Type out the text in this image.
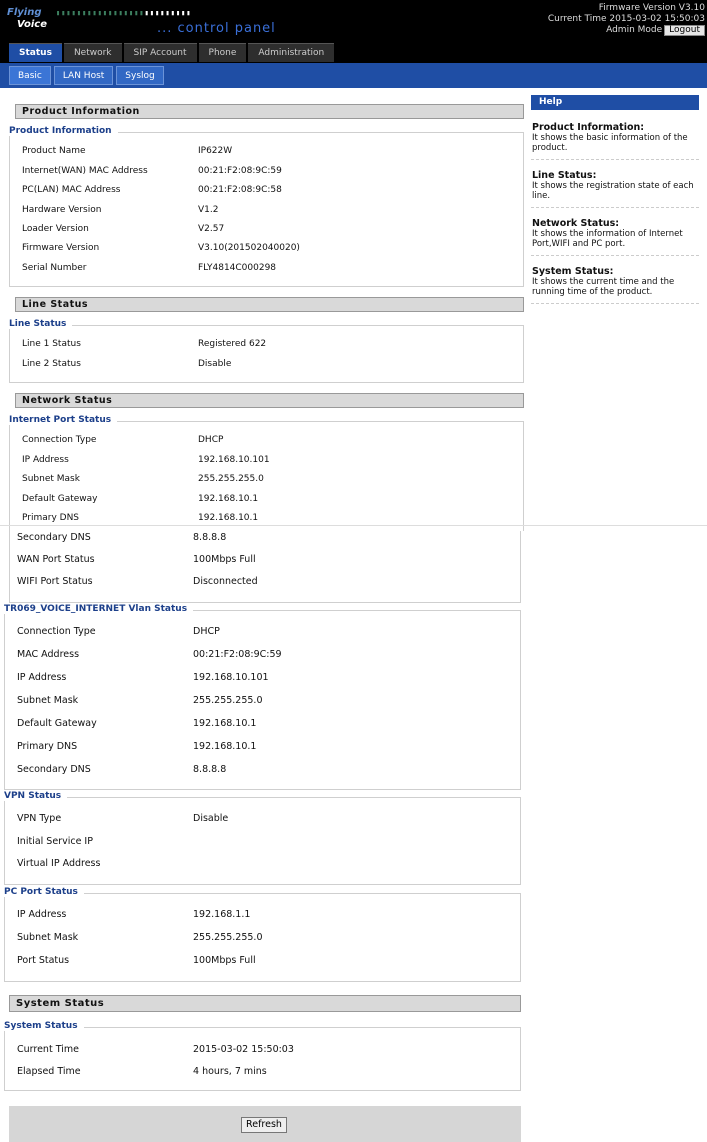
Flying
Voice
▮▮▮▮▮▮▮▮▮▮▮▮▮▮▮▮▮▮▮▮▮▮▮▮▮▮
... control panel
Firmware Version V3.10
Current Time 2015-03-02 15:50:03
Admin Mode Logout
Status	Network	SIP Account	Phone	Administration
Basic	LAN Host	Syslog
Product Information
Product Information
Product Name	IP622W
Internet(WAN) MAC Address	00:21:F2:08:9C:59
PC(LAN) MAC Address	00:21:F2:08:9C:58
Hardware Version	V1.2
Loader Version	V2.57
Firmware Version	V3.10(201502040020)
Serial Number	FLY4814C000298
Line Status
Line Status
Line 1 Status	Registered 622
Line 2 Status	Disable
Network Status
Internet Port Status
Connection Type	DHCP
IP Address	192.168.10.101
Subnet Mask	255.255.255.0
Default Gateway	192.168.10.1
Primary DNS	192.168.10.1
Help
Product Information:

It shows the basic information of the product.

Line Status:

It shows the registration state of each line.

Network Status:

It shows the information of Internet Port,WIFI and PC port.

System Status:

It shows the current time and the running time of the product.

Secondary DNS	8.8.8.8
WAN Port Status	100Mbps Full
WIFI Port Status	Disconnected
TR069_VOICE_INTERNET Vlan Status
Connection Type	DHCP
MAC Address	00:21:F2:08:9C:59
IP Address	192.168.10.101
Subnet Mask	255.255.255.0
Default Gateway	192.168.10.1
Primary DNS	192.168.10.1
Secondary DNS	8.8.8.8
VPN Status
VPN Type	Disable
Initial Service IP
Virtual IP Address
PC Port Status
IP Address	192.168.1.1
Subnet Mask	255.255.255.0
Port Status	100Mbps Full
System Status
System Status
Current Time	2015-03-02 15:50:03
Elapsed Time	4 hours, 7 mins
Refresh
